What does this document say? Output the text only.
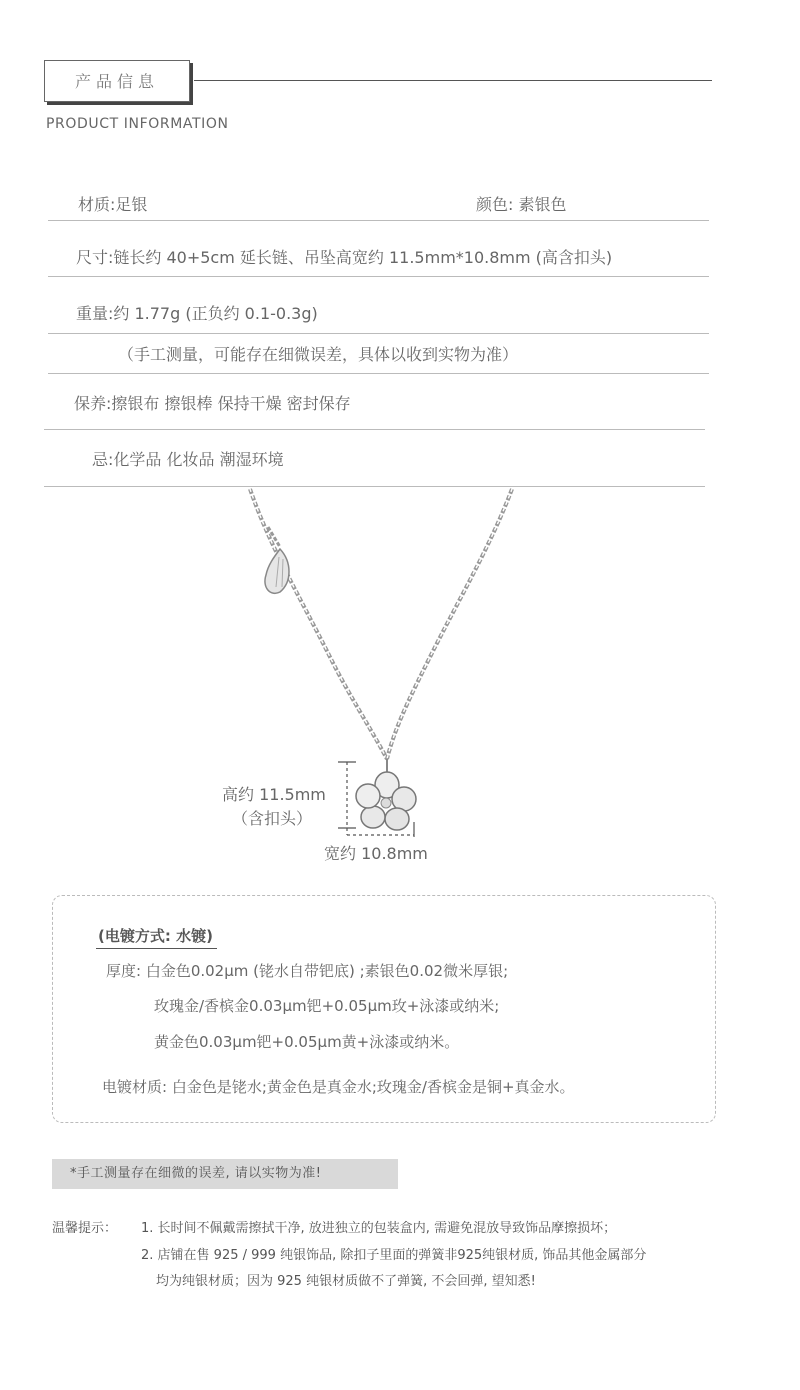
产品信息
PRODUCT INFORMATION
材质:足银	颜色: 素银色
尺寸:链长约 40+5cm 延长链、吊坠高宽约 11.5mm*10.8mm (高含扣头)
重量:约 1.77g (正负约 0.1-0.3g)
（手工测量，可能存在细微误差，具体以收到实物为准）
保养:擦银布 擦银棒 保持干燥 密封保存
忌:化学品 化妆品 潮湿环境
高约 11.5mm
（含扣头）
宽约 10.8mm
(电镀方式: 水镀)
厚度: 白金色0.02μm (铑水自带钯底) ;素银色0.02微米厚银;
玫瑰金/香槟金0.03μm钯+0.05μm玫+泳漆或纳米;
黄金色0.03μm钯+0.05μm黄+泳漆或纳米。
电镀材质: 白金色是铑水;黄金色是真金水;玫瑰金/香槟金是铜+真金水。
*手工测量存在细微的误差, 请以实物为准!
温馨提示： 1. 长时间不佩戴需擦拭干净, 放进独立的包装盒内, 需避免混放导致饰品摩擦损坏；
2. 店铺在售 925 / 999 纯银饰品, 除扣子里面的弹簧非925纯银材质, 饰品其他金属部分
均为纯银材质；因为 925 纯银材质做不了弹簧, 不会回弹, 望知悉!
